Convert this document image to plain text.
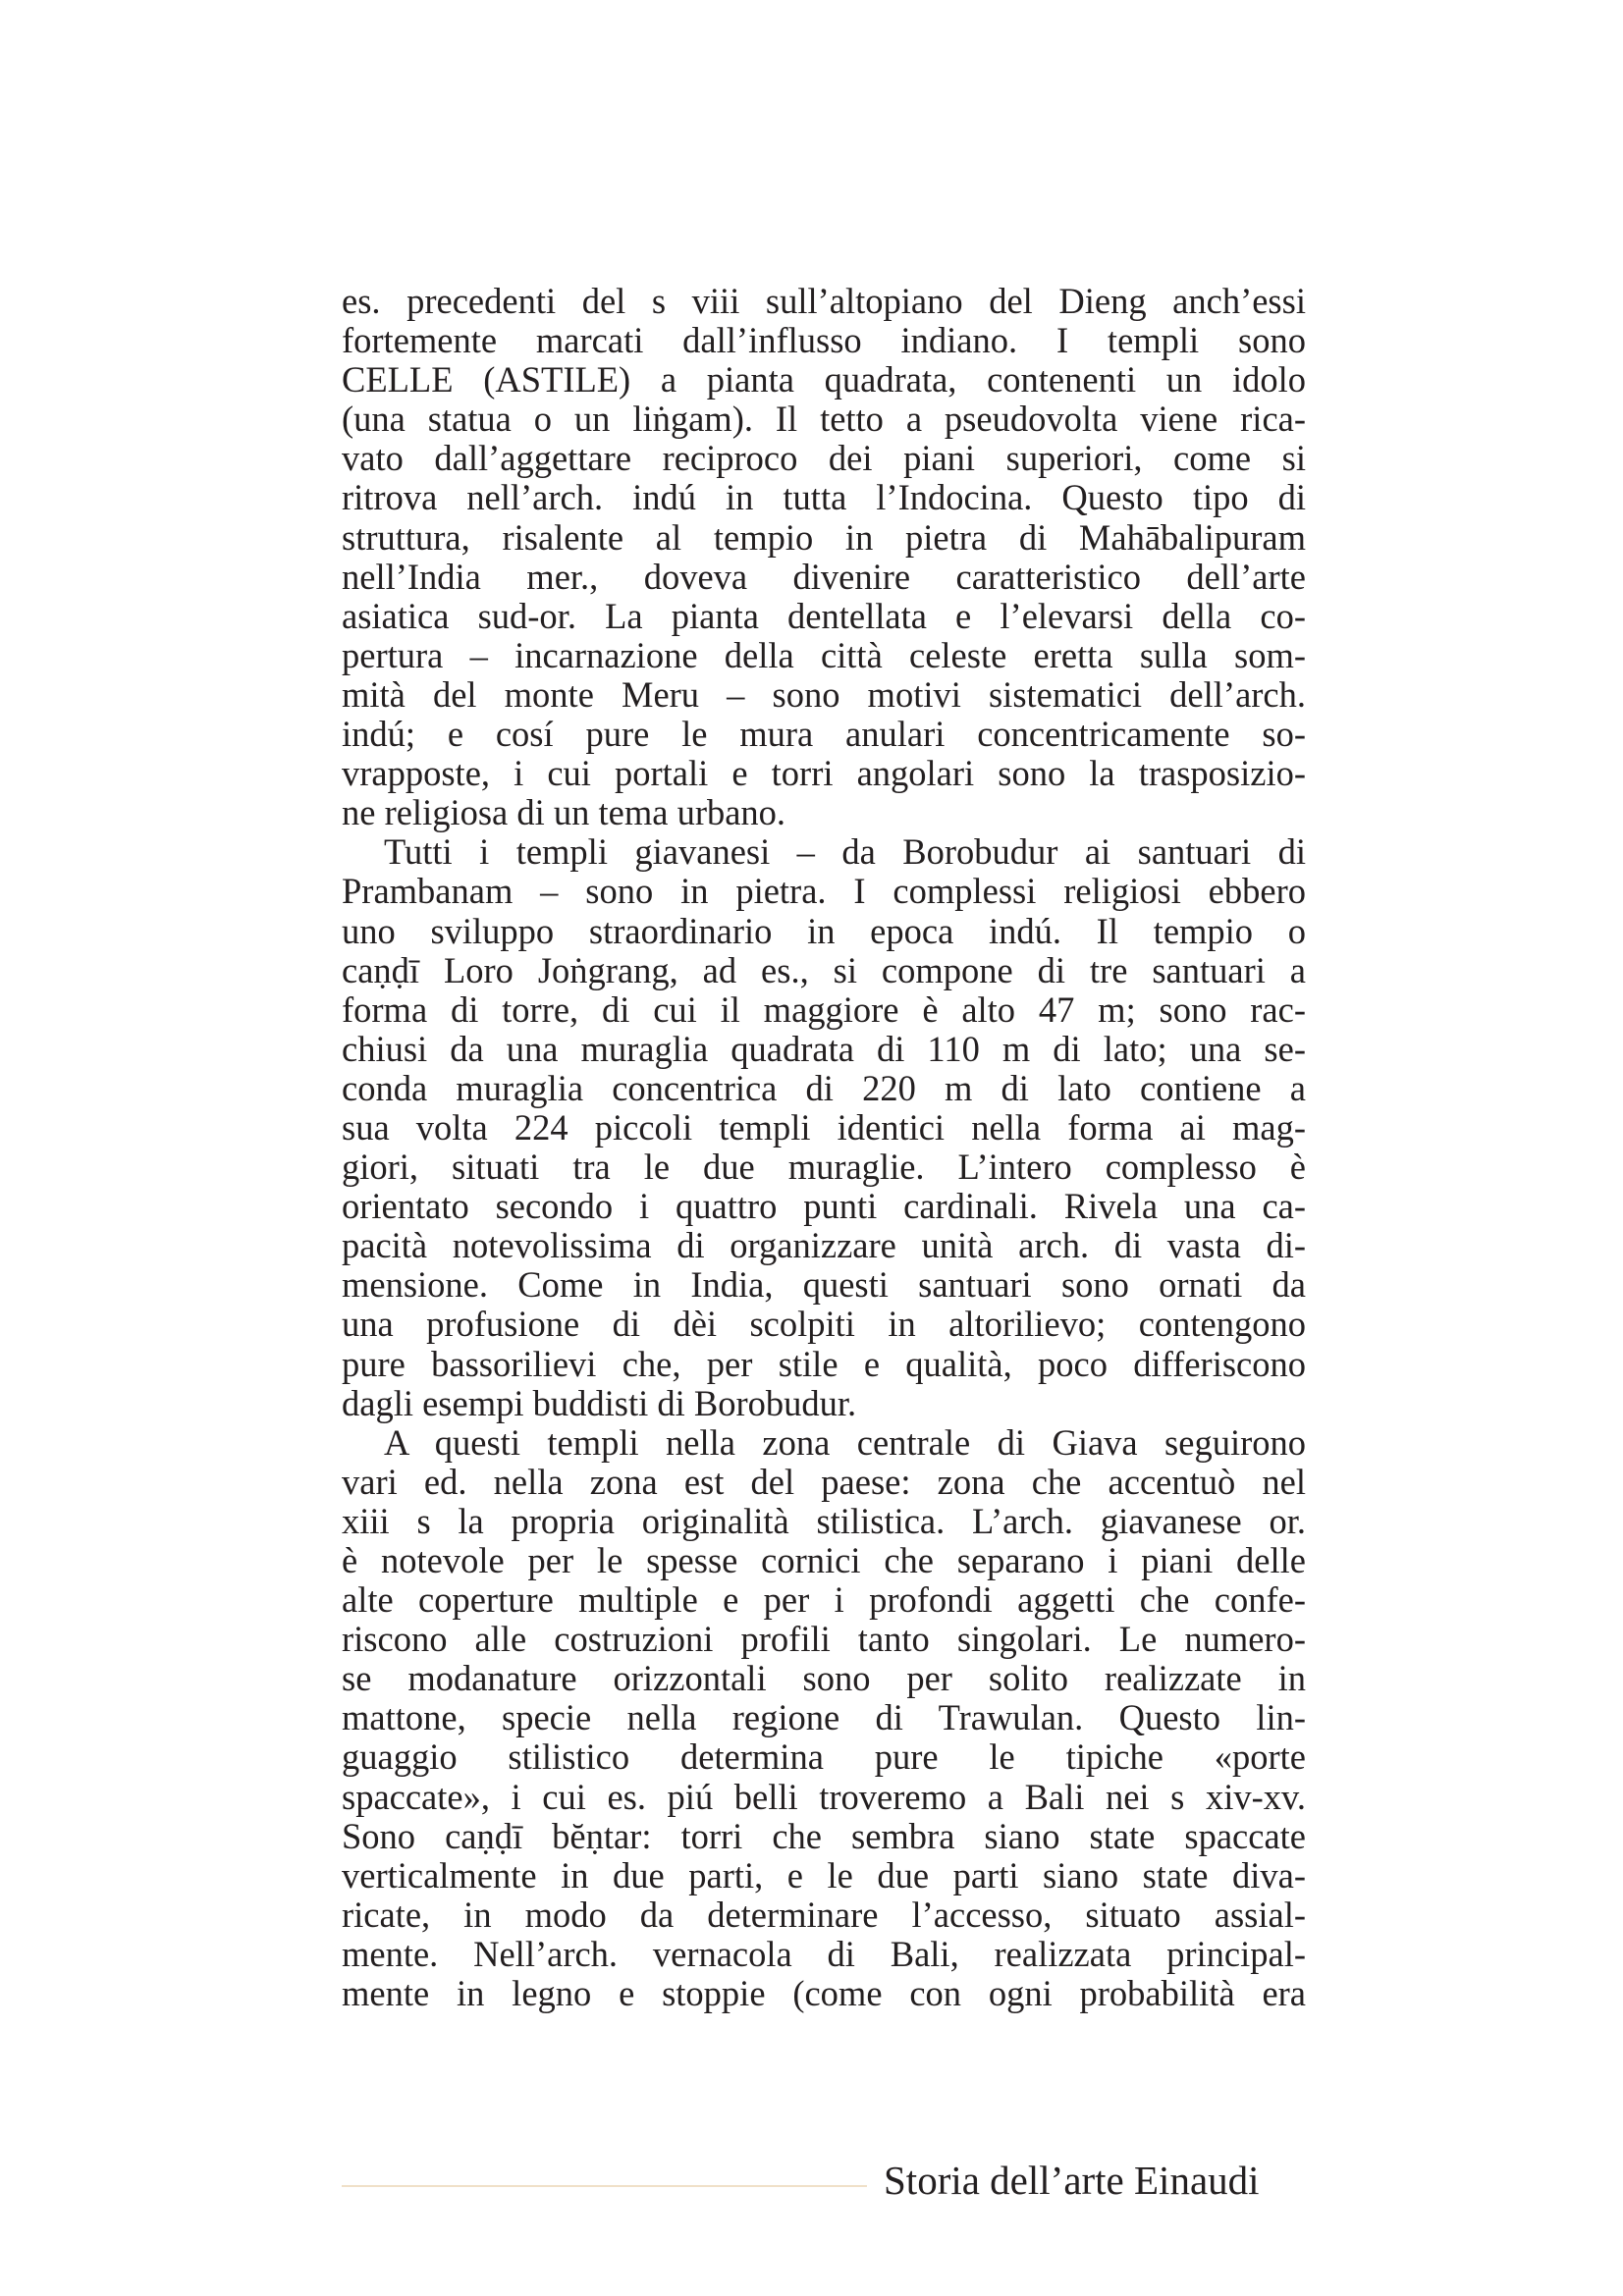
es. precedenti del s viii sull’altopiano del Dieng anch’essi
fortemente marcati dall’influsso indiano. I templi sono
CELLE (ASTILE) a pianta quadrata, contenenti un idolo
(una statua o un liṅgam). Il tetto a pseudovolta viene rica-
vato dall’aggettare reciproco dei piani superiori, come si
ritrova nell’arch. indú in tutta l’Indocina. Questo tipo di
struttura, risalente al tempio in pietra di Mahābalipuram
nell’India mer., doveva divenire caratteristico dell’arte
asiatica sud-or. La pianta dentellata e l’elevarsi della co-
pertura – incarnazione della città celeste eretta sulla som-
mità del monte Meru – sono motivi sistematici dell’arch.
indú; e cosí pure le mura anulari concentricamente so-
vrapposte, i cui portali e torri angolari sono la trasposizio-
ne religiosa di un tema urbano.
Tutti i templi giavanesi – da Borobudur ai santuari di
Prambanam – sono in pietra. I complessi religiosi ebbero
uno sviluppo straordinario in epoca indú. Il tempio o
caṇḍī Loro Joṅgrang, ad es., si compone di tre santuari a
forma di torre, di cui il maggiore è alto 47 m; sono rac-
chiusi da una muraglia quadrata di 110 m di lato; una se-
conda muraglia concentrica di 220 m di lato contiene a
sua volta 224 piccoli templi identici nella forma ai mag-
giori, situati tra le due muraglie. L’intero complesso è
orientato secondo i quattro punti cardinali. Rivela una ca-
pacità notevolissima di organizzare unità arch. di vasta di-
mensione. Come in India, questi santuari sono ornati da
una profusione di dèi scolpiti in altorilievo; contengono
pure bassorilievi che, per stile e qualità, poco differiscono
dagli esempi buddisti di Borobudur.
A questi templi nella zona centrale di Giava seguirono
vari ed. nella zona est del paese: zona che accentuò nel
xiii s la propria originalità stilistica. L’arch. giavanese or.
è notevole per le spesse cornici che separano i piani delle
alte coperture multiple e per i profondi aggetti che confe-
riscono alle costruzioni profili tanto singolari. Le numero-
se modanature orizzontali sono per solito realizzate in
mattone, specie nella regione di Trawulan. Questo lin-
guaggio stilistico determina pure le tipiche «porte
spaccate», i cui es. piú belli troveremo a Bali nei s xiv-xv.
Sono caṇḍī bĕṇtar: torri che sembra siano state spaccate
verticalmente in due parti, e le due parti siano state diva-
ricate, in modo da determinare l’accesso, situato assial-
mente. Nell’arch. vernacola di Bali, realizzata principal-
mente in legno e stoppie (come con ogni probabilità era
Storia dell’arte Einaudi
